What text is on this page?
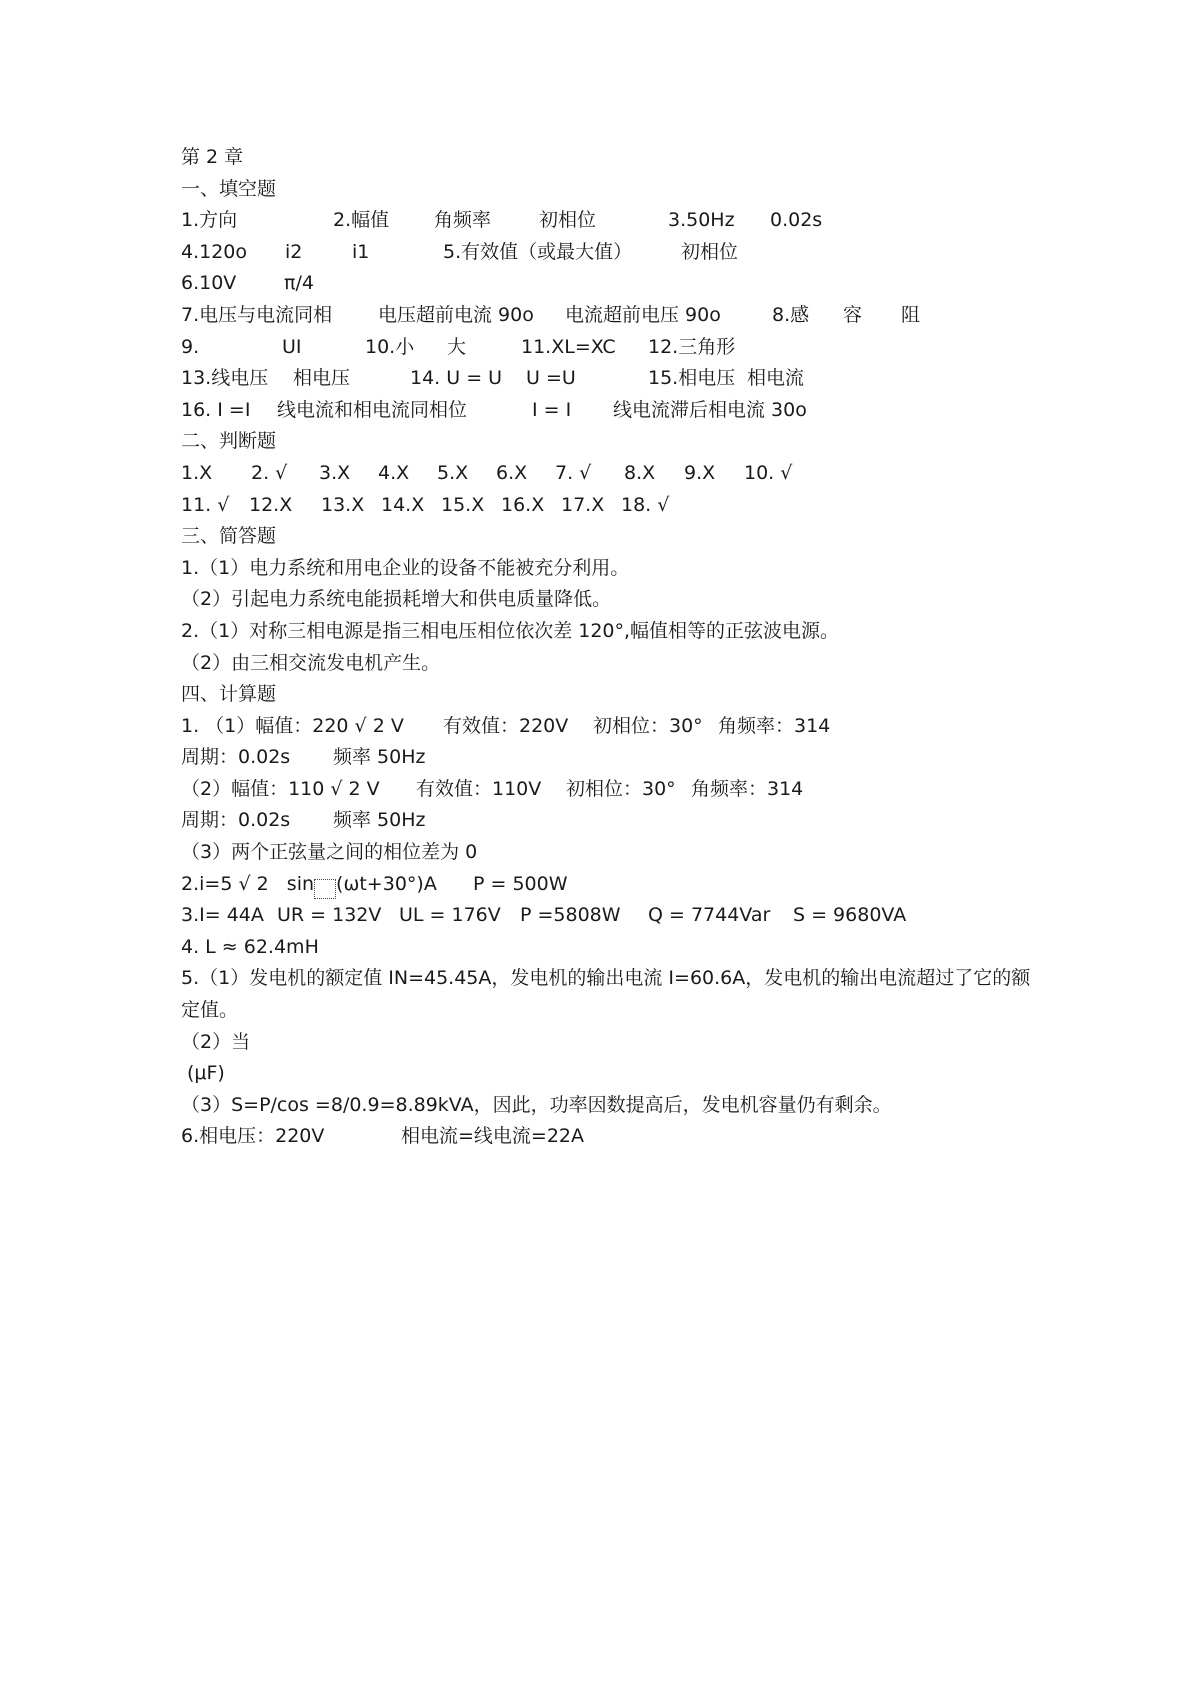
第 2 章
一、填空题
1.方向	2.幅值 角频率	初相位	3.50Hz 0.02s
4.120o i2	i1	5.有效值（或最大值）	初相位
6.10V	π/4
7.电压与电流同相 电压超前电流 90o 电流超前电压 90o	8.感 容 阻
9.	UI	10.小 大	11.XL=XC 12.三角形
13.线电压 相电压	14. U = U U =U	15.相电压 相电流
16. I =I 线电流和相电流同相位	I = I 线电流滞后相电流 30o
二、判断题
1.X 2. √ 3.X 4.X 5.X 6.X 7. √ 8.X 9.X 10. √
11. √ 12.X 13.X 14.X 15.X 16.X 17.X 18. √
三、简答题
1.（1）电力系统和用电企业的设备不能被充分利用。
（2）引起电力系统电能损耗增大和供电质量降低。
2.（1）对称三相电源是指三相电压相位依次差 120°,幅值相等的正弦波电源。
（2）由三相交流发电机产生。
四、计算题
1. （1）幅值：220 √ 2 V 有效值：220V 初相位：30° 角频率：314
周期：0.02s 频率 50Hz
（2）幅值：110 √ 2 V 有效值：110V 初相位：30° 角频率：314
周期：0.02s 频率 50Hz
（3）两个正弦量之间的相位差为 0
2.i=5 √ 2   sin (ωt+30°)A P = 500W
3.I= 44A UR = 132V UL = 176V P =5808W Q = 7744Var S = 9680VA
4. L ≈ 62.4mH
5.（1）发电机的额定值 IN=45.45A，发电机的输出电流 I=60.6A，发电机的输出电流超过了它的额定值。
（2）当
(μF)
（3）S=P/cos =8/0.9=8.89kVA，因此，功率因数提高后，发电机容量仍有剩余。
6.相电压：220V	相电流=线电流=22A
